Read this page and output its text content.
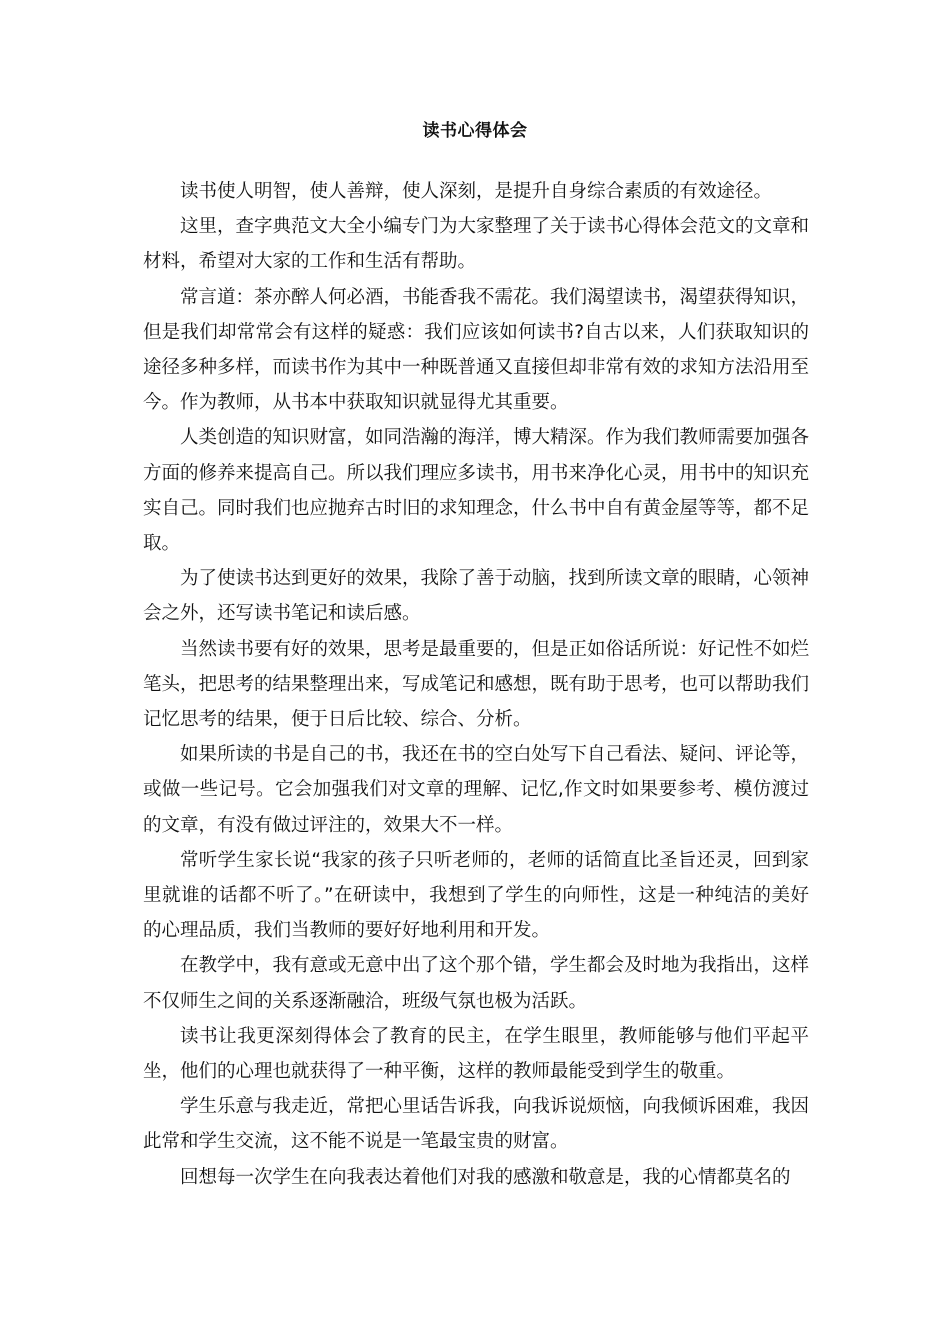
读书心得体会

读书使人明智，使人善辩，使人深刻，是提升自身综合素质的有效途径。

这里，查字典范文大全小编专门为大家整理了关于读书心得体会范文的文章和材料，希望对大家的工作和生活有帮助。

常言道：茶亦醉人何必酒，书能香我不需花。我们渴望读书，渴望获得知识，但是我们却常常会有这样的疑惑：我们应该如何读书?自古以来，人们获取知识的途径多种多样，而读书作为其中一种既普通又直接但却非常有效的求知方法沿用至今。作为教师，从书本中获取知识就显得尤其重要。

人类创造的知识财富，如同浩瀚的海洋，博大精深。作为我们教师需要加强各方面的修养来提高自己。所以我们理应多读书，用书来净化心灵，用书中的知识充实自己。同时我们也应抛弃古时旧的求知理念，什么书中自有黄金屋等等，都不足取。

为了使读书达到更好的效果，我除了善于动脑，找到所读文章的眼睛，心领神会之外，还写读书笔记和读后感。

当然读书要有好的效果，思考是最重要的，但是正如俗话所说：好记性不如烂笔头，把思考的结果整理出来，写成笔记和感想，既有助于思考，也可以帮助我们记忆思考的结果，便于日后比较、综合、分析。

如果所读的书是自己的书，我还在书的空白处写下自己看法、疑问、评论等，或做一些记号。它会加强我们对文章的理解、记忆,作文时如果要参考、模仿渡过的文章，有没有做过评注的，效果大不一样。

常听学生家长说“我家的孩子只听老师的，老师的话简直比圣旨还灵，回到家里就谁的话都不听了。”在研读中，我想到了学生的向师性，这是一种纯洁的美好的心理品质，我们当教师的要好好地利用和开发。

在教学中，我有意或无意中出了这个那个错，学生都会及时地为我指出，这样不仅师生之间的关系逐渐融洽，班级气氛也极为活跃。

读书让我更深刻得体会了教育的民主，在学生眼里，教师能够与他们平起平坐，他们的心理也就获得了一种平衡，这样的教师最能受到学生的敬重。

学生乐意与我走近，常把心里话告诉我，向我诉说烦恼，向我倾诉困难，我因此常和学生交流，这不能不说是一笔最宝贵的财富。

回想每一次学生在向我表达着他们对我的感激和敬意是，我的心情都莫名的
